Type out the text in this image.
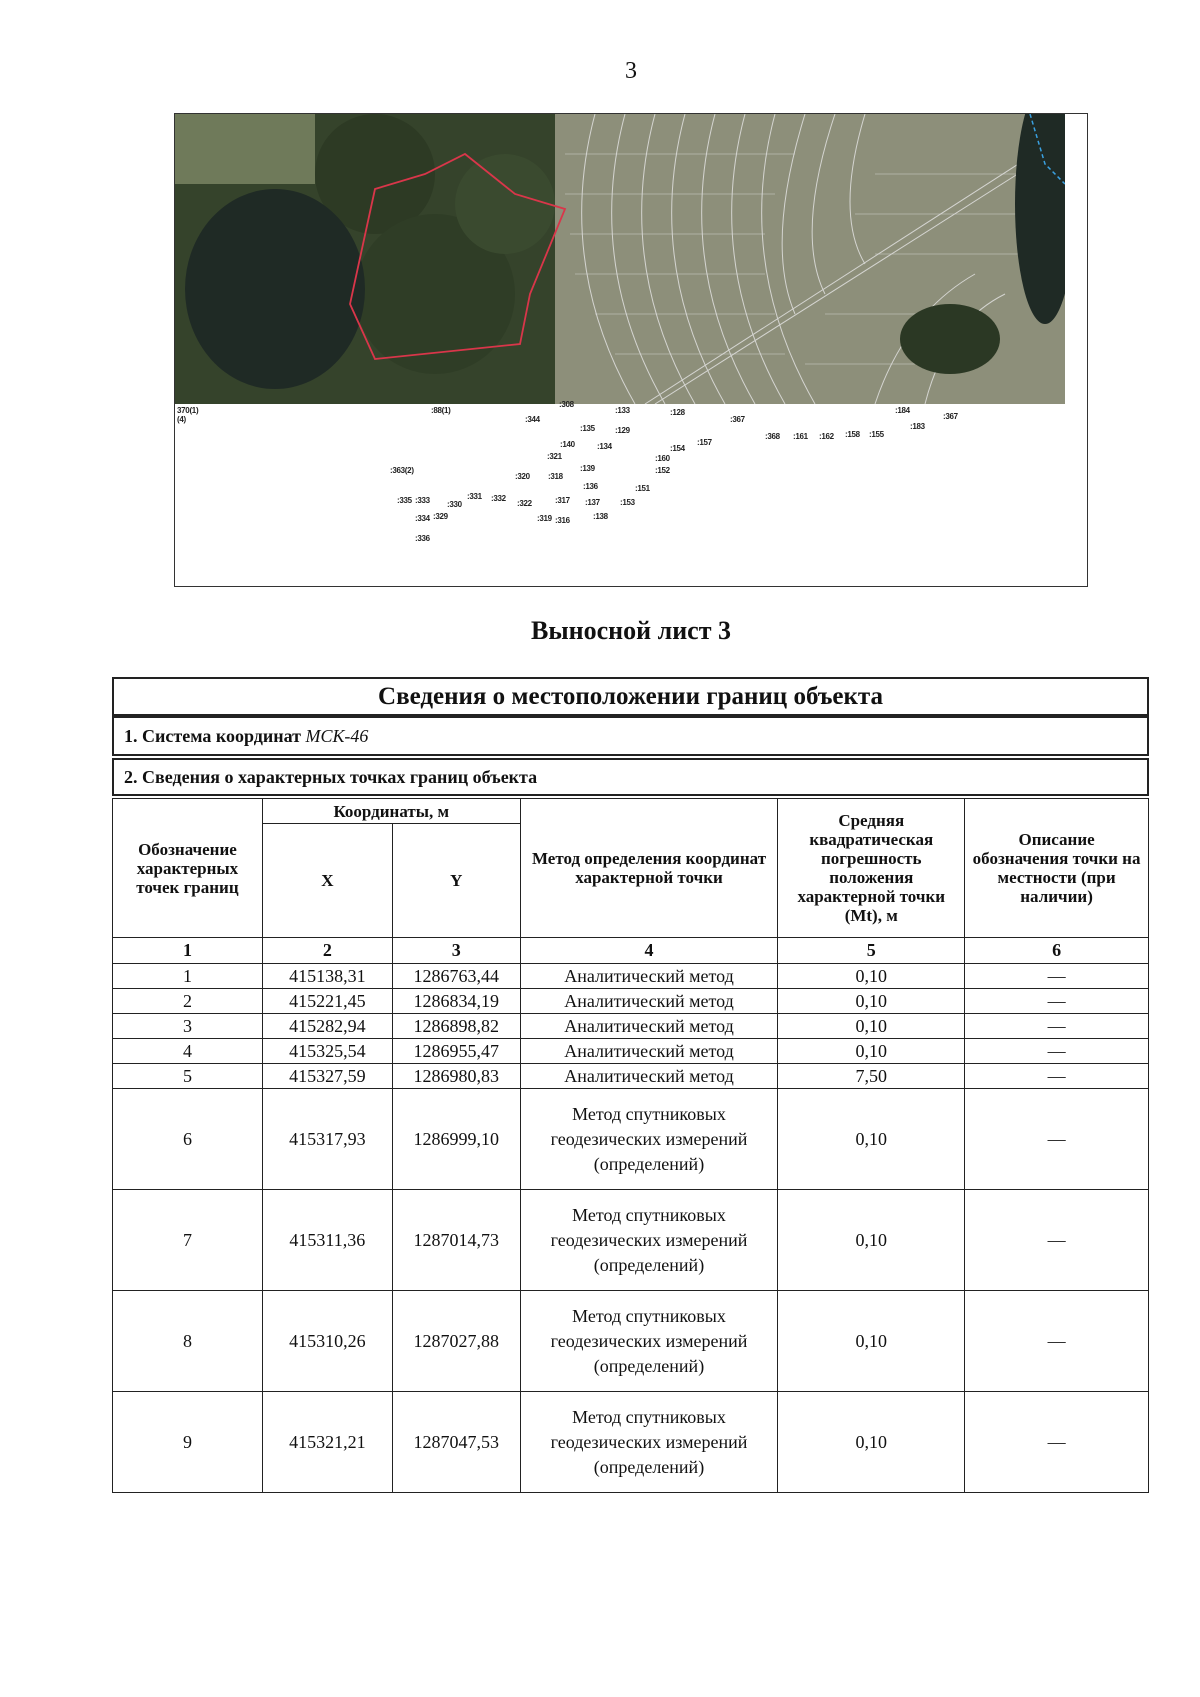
3
370(1)
(4)
:88(1)
:344
:308
:133	:128
:135	:129
:367
:184
:367
:183
:140	:134	:157
:154
:368 :161 :162 :158 :155
:321	:160
:139
:363(2)
:320 :318
:152
:136	:151
:335 :333 :330
:331 :332
:322	:317 :137	:153
:334 :329	:319 :316	:138
:336
Выносной лист 3
Сведения о местоположении границ объекта
1. Система координат МСК-46
2. Сведения о характерных точках границ объекта
Обозначение характерных точек границ	Координаты, м		Метод определения координат характерной точки	Средняя квадратическая погрешность положения характерной точки (Mt), м	Описание обозначения точки на местности (при наличии)
	X	Y			
1	2	3	4	5	6
1	415138,31	1286763,44	Аналитический метод	0,10	—
2	415221,45	1286834,19	Аналитический метод	0,10	—
3	415282,94	1286898,82	Аналитический метод	0,10	—
4	415325,54	1286955,47	Аналитический метод	0,10	—
5	415327,59	1286980,83	Аналитический метод	7,50	—
6	415317,93	1286999,10	Метод спутниковых геодезических измерений (определений)	0,10	—
7	415311,36	1287014,73	Метод спутниковых геодезических измерений (определений)	0,10	—
8	415310,26	1287027,88	Метод спутниковых геодезических измерений (определений)	0,10	—
9	415321,21	1287047,53	Метод спутниковых геодезических измерений (определений)	0,10	—
